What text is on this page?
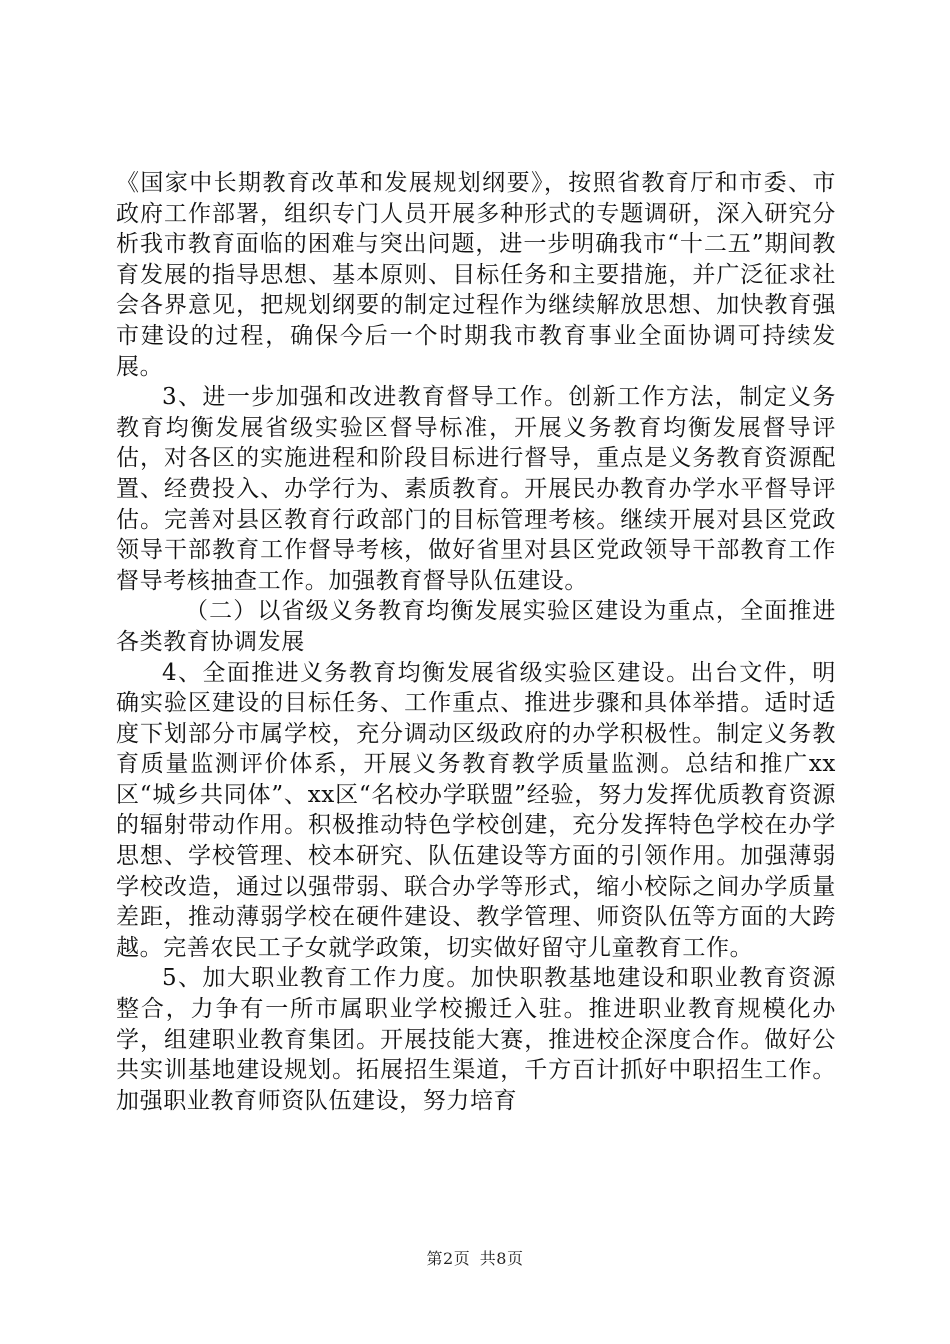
《国家中长期教育改革和发展规划纲要》，按照省教育厅和市委、市政府工作部署，组织专门人员开展多种形式的专题调研，深入研究分析我市教育面临的困难与突出问题，进一步明确我市“十二五”期间教育发展的指导思想、基本原则、目标任务和主要措施，并广泛征求社会各界意见，把规划纲要的制定过程作为继续解放思想、加快教育强市建设的过程，确保今后一个时期我市教育事业全面协调可持续发展。

3、进一步加强和改进教育督导工作。创新工作方法，制定义务教育均衡发展省级实验区督导标准，开展义务教育均衡发展督导评估，对各区的实施进程和阶段目标进行督导，重点是义务教育资源配置、经费投入、办学行为、素质教育。开展民办教育办学水平督导评估。完善对县区教育行政部门的目标管理考核。继续开展对县区党政领导干部教育工作督导考核，做好省里对县区党政领导干部教育工作督导考核抽查工作。加强教育督导队伍建设。

（二）以省级义务教育均衡发展实验区建设为重点，全面推进各类教育协调发展

4、全面推进义务教育均衡发展省级实验区建设。出台文件，明确实验区建设的目标任务、工作重点、推进步骤和具体举措。适时适度下划部分市属学校，充分调动区级政府的办学积极性。制定义务教育质量监测评价体系，开展义务教育教学质量监测。总结和推广xx区“城乡共同体”、xx区“名校办学联盟”经验，努力发挥优质教育资源的辐射带动作用。积极推动特色学校创建，充分发挥特色学校在办学思想、学校管理、校本研究、队伍建设等方面的引领作用。加强薄弱学校改造，通过以强带弱、联合办学等形式，缩小校际之间办学质量差距，推动薄弱学校在硬件建设、教学管理、师资队伍等方面的大跨越。完善农民工子女就学政策，切实做好留守儿童教育工作。

5、加大职业教育工作力度。加快职教基地建设和职业教育资源整合，力争有一所市属职业学校搬迁入驻。推进职业教育规模化办学，组建职业教育集团。开展技能大赛，推进校企深度合作。做好公共实训基地建设规划。拓展招生渠道，千方百计抓好中职招生工作。加强职业教育师资队伍建设，努力培育

第2页 共8页
